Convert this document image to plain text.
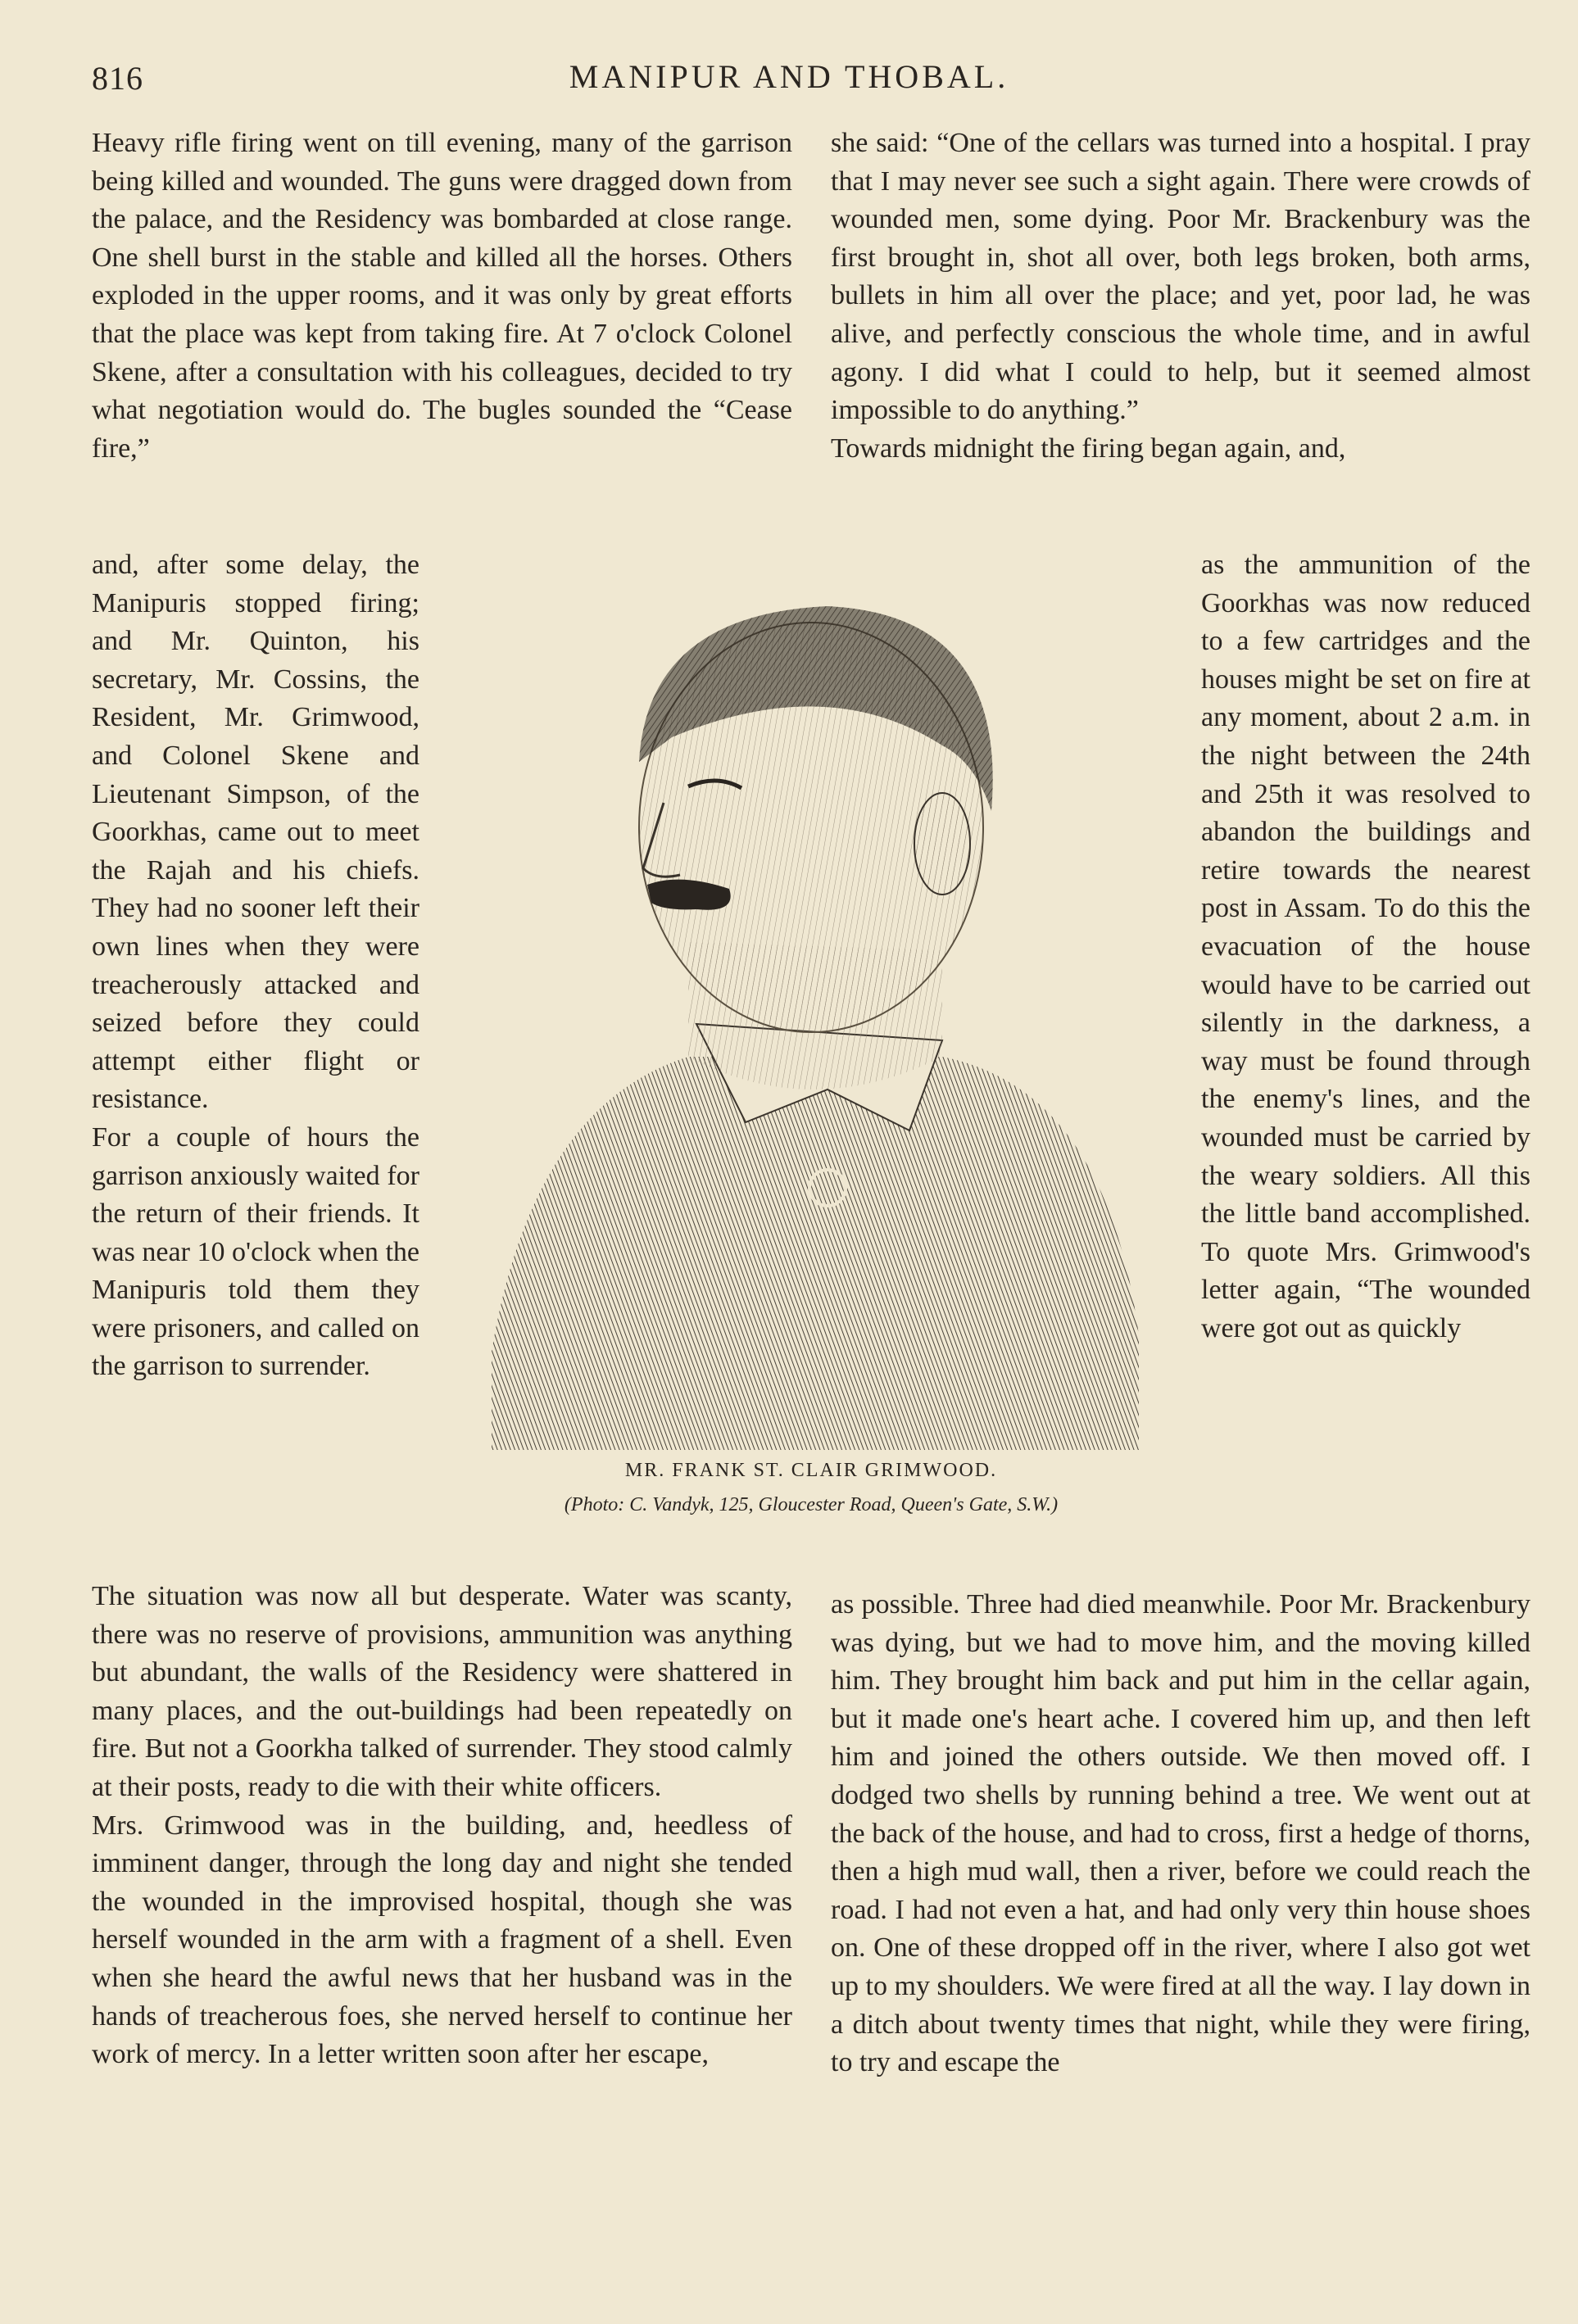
816	MANIPUR AND THOBAL.

Heavy rifle firing went on till evening, many of the garrison being killed and wounded. The guns were dragged down from the palace, and the Residency was bombarded at close range. One shell burst in the stable and killed all the horses. Others exploded in the upper rooms, and it was only by great efforts that the place was kept from taking fire. At 7 o'clock Colonel Skene, after a consultation with his colleagues, decided to try what negotiation would do. The bugles sounded the “Cease fire,”

and, after some delay, the Manipuris stopped firing; and Mr. Quinton, his secretary, Mr. Cossins, the Resident, Mr. Grimwood, and Colonel Skene and Lieutenant Simpson, of the Goorkhas, came out to meet the Rajah and his chiefs. They had no sooner left their own lines when they were treacherously attacked and seized before they could attempt either flight or resistance.

For a couple of hours the garrison anxiously waited for the return of their friends. It was near 10 o'clock when the Manipuris told them they were prisoners, and called on the garrison to surrender.

The situation was now all but desperate. Water was scanty, there was no reserve of provisions, ammunition was anything but abundant, the walls of the Residency were shattered in many places, and the out-buildings had been repeatedly on fire. But not a Goorkha talked of surrender. They stood calmly at their posts, ready to die with their white officers.

Mrs. Grimwood was in the building, and, heedless of imminent danger, through the long day and night she tended the wounded in the improvised hospital, though she was herself wounded in the arm with a fragment of a shell. Even when she heard the awful news that her husband was in the hands of treacherous foes, she nerved herself to continue her work of mercy. In a letter written soon after her escape,

she said: “One of the cellars was turned into a hospital. I pray that I may never see such a sight again. There were crowds of wounded men, some dying. Poor Mr. Brackenbury was the first brought in, shot all over, both legs broken, both arms, bullets in him all over the place; and yet, poor lad, he was alive, and perfectly conscious the whole time, and in awful agony. I did what I could to help, but it seemed almost impossible to do anything.”

Towards midnight the firing began again, and,

as the ammunition of the Goorkhas was now reduced to a few cartridges and the houses might be set on fire at any moment, about 2 a.m. in the night between the 24th and 25th it was resolved to abandon the buildings and retire towards the nearest post in Assam. To do this the evacuation of the house would have to be carried out silently in the darkness, a way must be found through the enemy's lines, and the wounded must be carried by the weary soldiers. All this the little band accomplished. To quote Mrs. Grimwood's letter again, “The wounded were got out as quickly

as possible. Three had died meanwhile. Poor Mr. Brackenbury was dying, but we had to move him, and the moving killed him. They brought him back and put him in the cellar again, but it made one's heart ache. I covered him up, and then left him and joined the others outside. We then moved off. I dodged two shells by running behind a tree. We went out at the back of the house, and had to cross, first a hedge of thorns, then a high mud wall, then a river, before we could reach the road. I had not even a hat, and had only very thin house shoes on. One of these dropped off in the river, where I also got wet up to my shoulders. We were fired at all the way. I lay down in a ditch about twenty times that night, while they were firing, to try and escape the

MR. FRANK ST. CLAIR GRIMWOOD.
(Photo: C. Vandyk, 125, Gloucester Road, Queen's Gate, S.W.)
